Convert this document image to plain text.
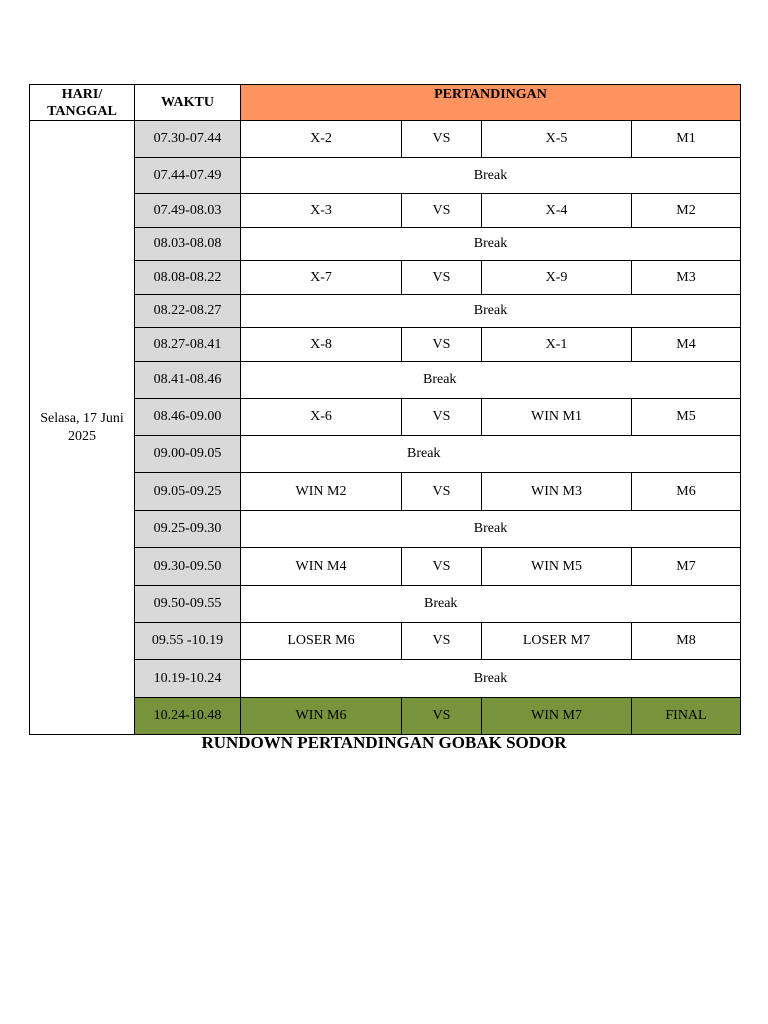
HARI/ TANGGAL	WAKTU	PERTANDINGAN			
Selasa, 17 Juni 2025	07.30-07.44	X-2	VS	X-5	M1
	07.44-07.49	Break			
	07.49-08.03	X-3	VS	X-4	M2
	08.03-08.08	Break			
	08.08-08.22	X-7	VS	X-9	M3
	08.22-08.27	Break			
	08.27-08.41	X-8	VS	X-1	M4
	08.41-08.46	Break			
	08.46-09.00	X-6	VS	WIN M1	M5
	09.00-09.05	Break			
	09.05-09.25	WIN M2	VS	WIN M3	M6
	09.25-09.30	Break			
	09.30-09.50	WIN M4	VS	WIN M5	M7
	09.50-09.55	Break			
	09.55 -10.19	LOSER M6	VS	LOSER M7	M8
	10.19-10.24	Break			
	10.24-10.48	WIN M6	VS	WIN M7	FINAL
RUNDOWN PERTANDINGAN GOBAK SODOR
